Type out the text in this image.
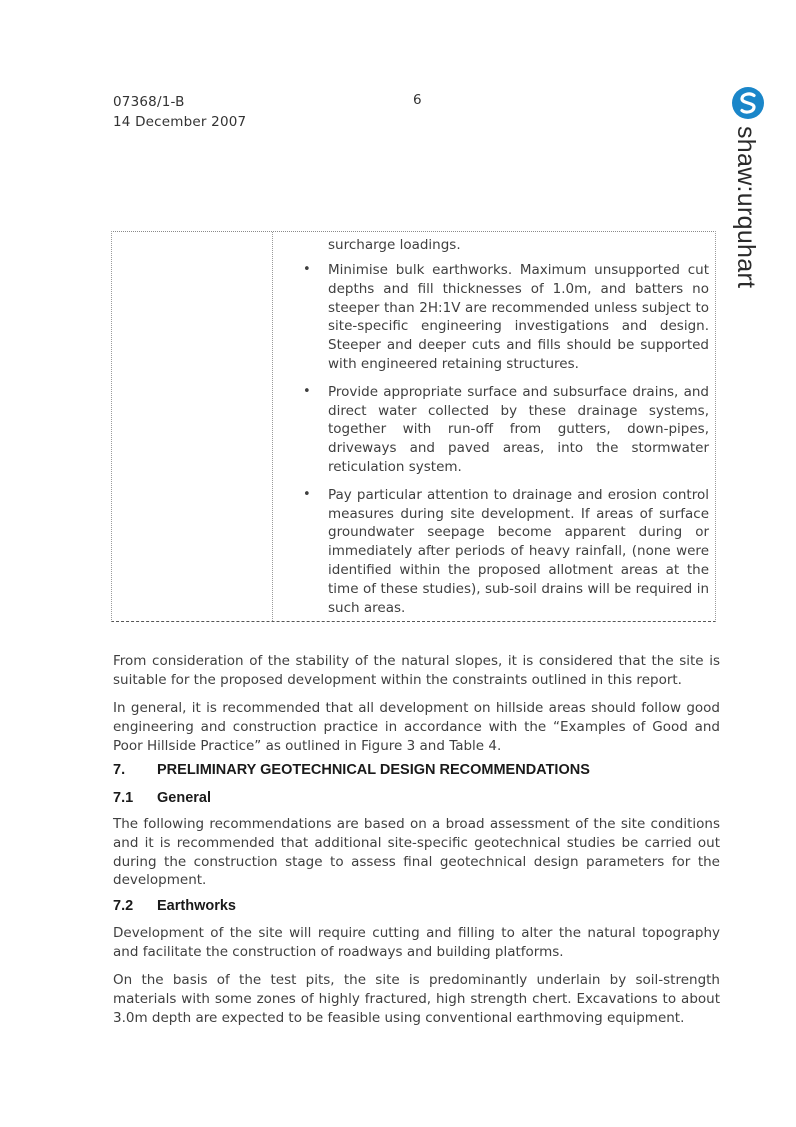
07368/1-B
14 December 2007
6
shaw:urquhart
surcharge loadings.
• Minimise bulk earthworks. Maximum unsupported cut depths and fill thicknesses of 1.0m, and batters no steeper than 2H:1V are recommended unless subject to site-specific engineering investigations and design. Steeper and deeper cuts and fills should be supported with engineered retaining structures.
• Provide appropriate surface and subsurface drains, and direct water collected by these drainage systems, together with run-off from gutters, down-pipes, driveways and paved areas, into the stormwater reticulation system.
• Pay particular attention to drainage and erosion control measures during site development. If areas of surface groundwater seepage become apparent during or immediately after periods of heavy rainfall, (none were identified within the proposed allotment areas at the time of these studies), sub-soil drains will be required in such areas.

From consideration of the stability of the natural slopes, it is considered that the site is suitable for the proposed development within the constraints outlined in this report.

In general, it is recommended that all development on hillside areas should follow good engineering and construction practice in accordance with the “Examples of Good and Poor Hillside Practice” as outlined in Figure 3 and Table 4.

7. PRELIMINARY GEOTECHNICAL DESIGN RECOMMENDATIONS
7.1 General

The following recommendations are based on a broad assessment of the site conditions and it is recommended that additional site-specific geotechnical studies be carried out during the construction stage to assess final geotechnical design parameters for the development.

7.2 Earthworks

Development of the site will require cutting and filling to alter the natural topography and facilitate the construction of roadways and building platforms.

On the basis of the test pits, the site is predominantly underlain by soil-strength materials with some zones of highly fractured, high strength chert. Excavations to about 3.0m depth are expected to be feasible using conventional earthmoving equipment.
